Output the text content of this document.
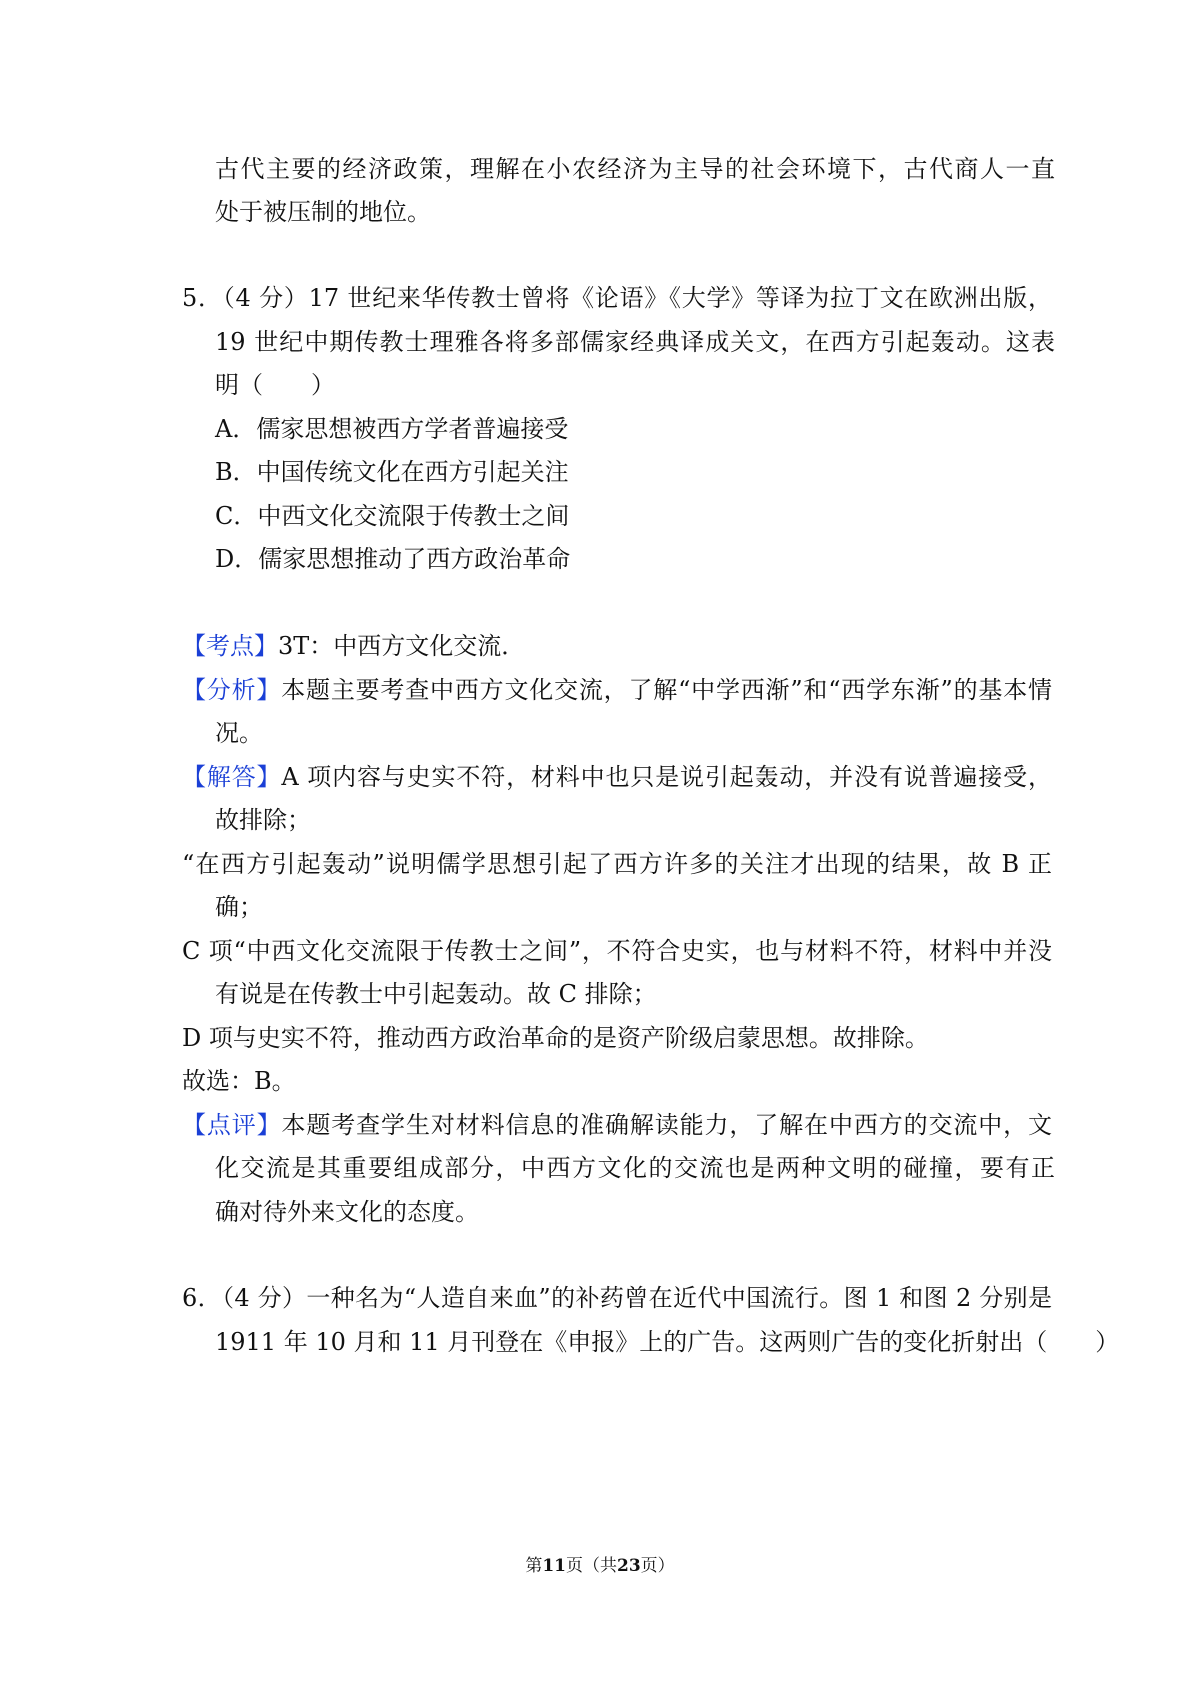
古代主要的经济政策，理解在小农经济为主导的社会环境下，古代商人一直
处于被压制的地位。
5．（4 分）17 世纪来华传教士曾将《论语》《大学》等译为拉丁文在欧洲出版，
19 世纪中期传教士理雅各将多部儒家经典译成关文，在西方引起轰动。这表
明（　　）
A．儒家思想被西方学者普遍接受
B．中国传统文化在西方引起关注
C．中西文化交流限于传教士之间
D．儒家思想推动了西方政治革命
【考点】3T：中西方文化交流．
【分析】本题主要考查中西方文化交流，了解“中学西渐”和“西学东渐”的基本情
况。
【解答】A 项内容与史实不符，材料中也只是说引起轰动，并没有说普遍接受，
故排除；
“在西方引起轰动”说明儒学思想引起了西方许多的关注才出现的结果，故 B 正
确；
C 项“中西文化交流限于传教士之间”，不符合史实，也与材料不符，材料中并没
有说是在传教士中引起轰动。故 C 排除；
D 项与史实不符，推动西方政治革命的是资产阶级启蒙思想。故排除。
故选：B。
【点评】本题考查学生对材料信息的准确解读能力，了解在中西方的交流中，文
化交流是其重要组成部分，中西方文化的交流也是两种文明的碰撞，要有正
确对待外来文化的态度。
6．（4 分）一种名为“人造自来血”的补药曾在近代中国流行。图 1 和图 2 分别是
1911 年 10 月和 11 月刊登在《申报》上的广告。这两则广告的变化折射出（　　）
第11页（共23页）
